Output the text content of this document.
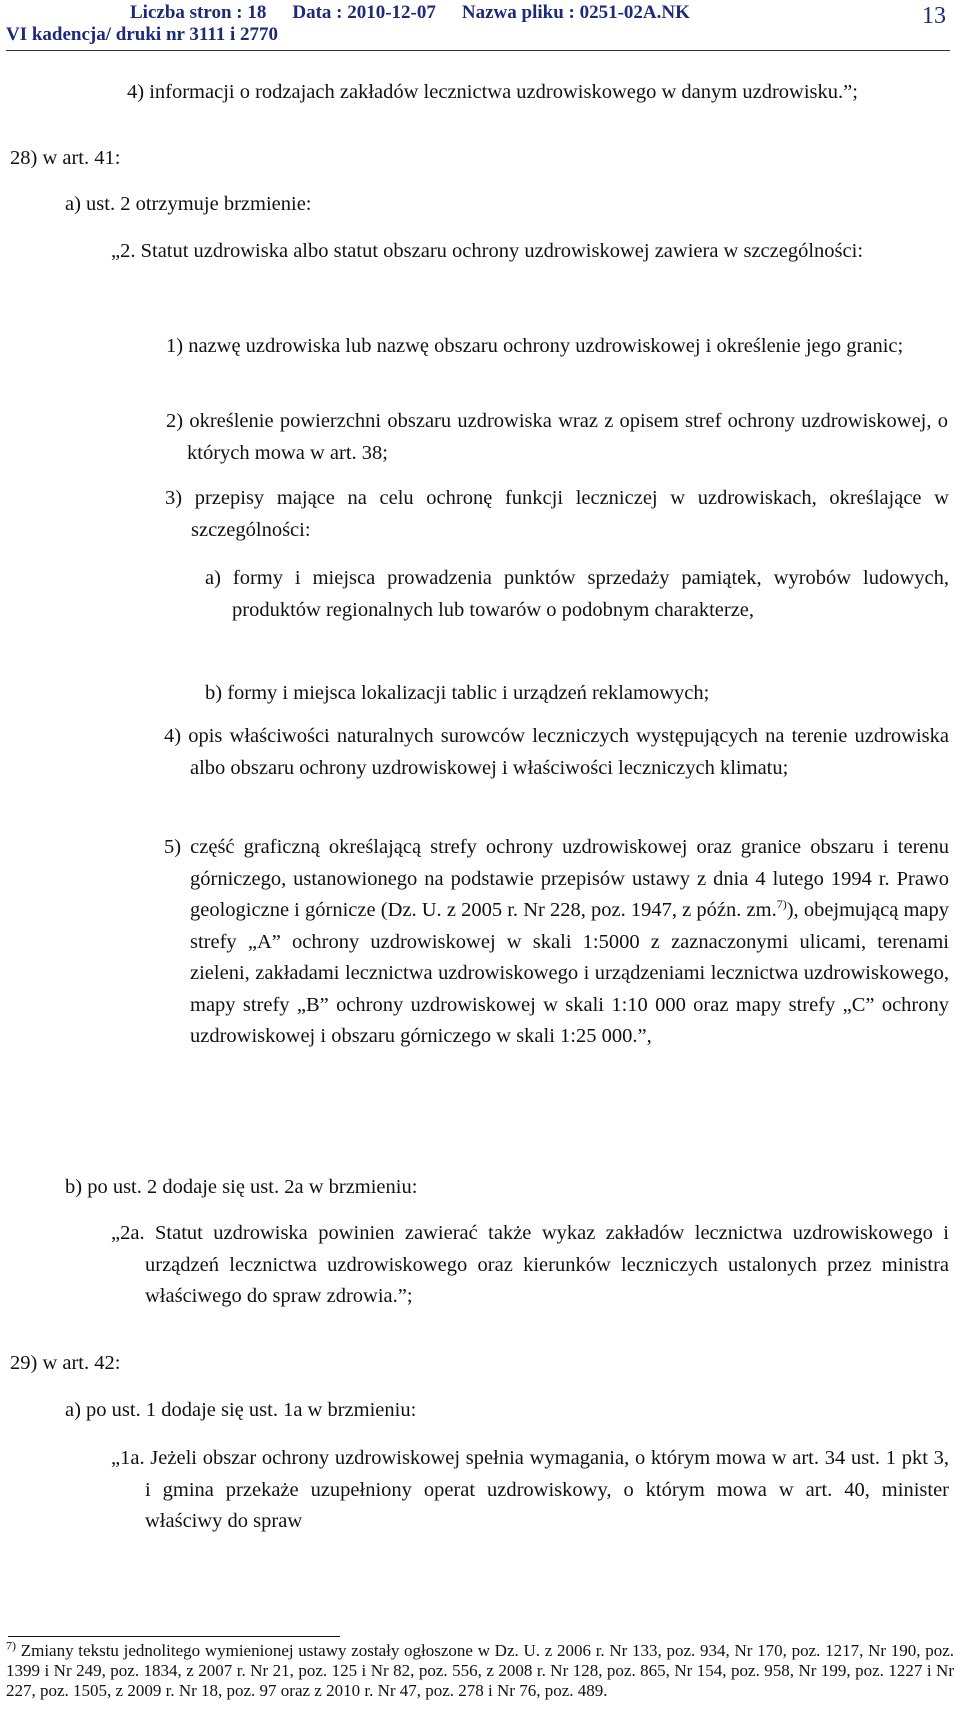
Liczba stron : 18 Data : 2010-12-07 Nazwa pliku : 0251-02A.NK
VI kadencja/ druki nr 3111 i 2770
13

4) informacji o rodzajach zakładów lecznictwa uzdrowiskowego w danym uzdrowisku.”;

28) w art. 41:
a) ust. 2 otrzymuje brzmienie:

„2. Statut uzdrowiska albo statut obszaru ochrony uzdrowiskowej zawiera w szczególności:

1) nazwę uzdrowiska lub nazwę obszaru ochrony uzdrowiskowej i określenie jego granic;

2) określenie powierzchni obszaru uzdrowiska wraz z opisem stref ochrony uzdrowiskowej, o których mowa w art. 38;

3) przepisy mające na celu ochronę funkcji leczniczej w uzdrowiskach, określające w szczególności:

a) formy i miejsca prowadzenia punktów sprzedaży pamiątek, wyrobów ludowych, produktów regionalnych lub towarów o podobnym charakterze,

b) formy i miejsca lokalizacji tablic i urządzeń reklamowych;

4) opis właściwości naturalnych surowców leczniczych występujących na terenie uzdrowiska albo obszaru ochrony uzdrowiskowej i właściwości leczniczych klimatu;

5) część graficzną określającą strefy ochrony uzdrowiskowej oraz granice obszaru i terenu górniczego, ustanowionego na podstawie przepisów ustawy z dnia 4 lutego 1994 r. Prawo geologiczne i górnicze (Dz. U. z 2005 r. Nr 228, poz. 1947, z późn. zm.$^{7)}$), obejmującą mapy strefy „A” ochrony uzdrowiskowej w skali 1:5000 z zaznaczonymi ulicami, terenami zieleni, zakładami lecznictwa uzdrowiskowego i urządzeniami lecznictwa uzdrowiskowego, mapy strefy „B” ochrony uzdrowiskowej w skali 1:10 000 oraz mapy strefy „C” ochrony uzdrowiskowej i obszaru górniczego w skali 1:25 000.”,

b) po ust. 2 dodaje się ust. 2a w brzmieniu:

„2a. Statut uzdrowiska powinien zawierać także wykaz zakładów lecznictwa uzdrowiskowego i urządzeń lecznictwa uzdrowiskowego oraz kierunków leczniczych ustalonych przez ministra właściwego do spraw zdrowia.”;

29) w art. 42:
a) po ust. 1 dodaje się ust. 1a w brzmieniu:

„1a. Jeżeli obszar ochrony uzdrowiskowej spełnia wymagania, o którym mowa w art. 34 ust. 1 pkt 3, i gmina przekaże uzupełniony operat uzdrowiskowy, o którym mowa w art. 40, minister właściwy do spraw

$^{7)}$ Zmiany tekstu jednolitego wymienionej ustawy zostały ogłoszone w Dz. U. z 2006 r. Nr 133, poz. 934, Nr 170, poz. 1217, Nr 190, poz. 1399 i Nr 249, poz. 1834, z 2007 r. Nr 21, poz. 125 i Nr 82, poz. 556, z 2008 r. Nr 128, poz. 865, Nr 154, poz. 958, Nr 199, poz. 1227 i Nr 227, poz. 1505, z 2009 r. Nr 18, poz. 97 oraz z 2010 r. Nr 47, poz. 278 i Nr 76, poz. 489.
